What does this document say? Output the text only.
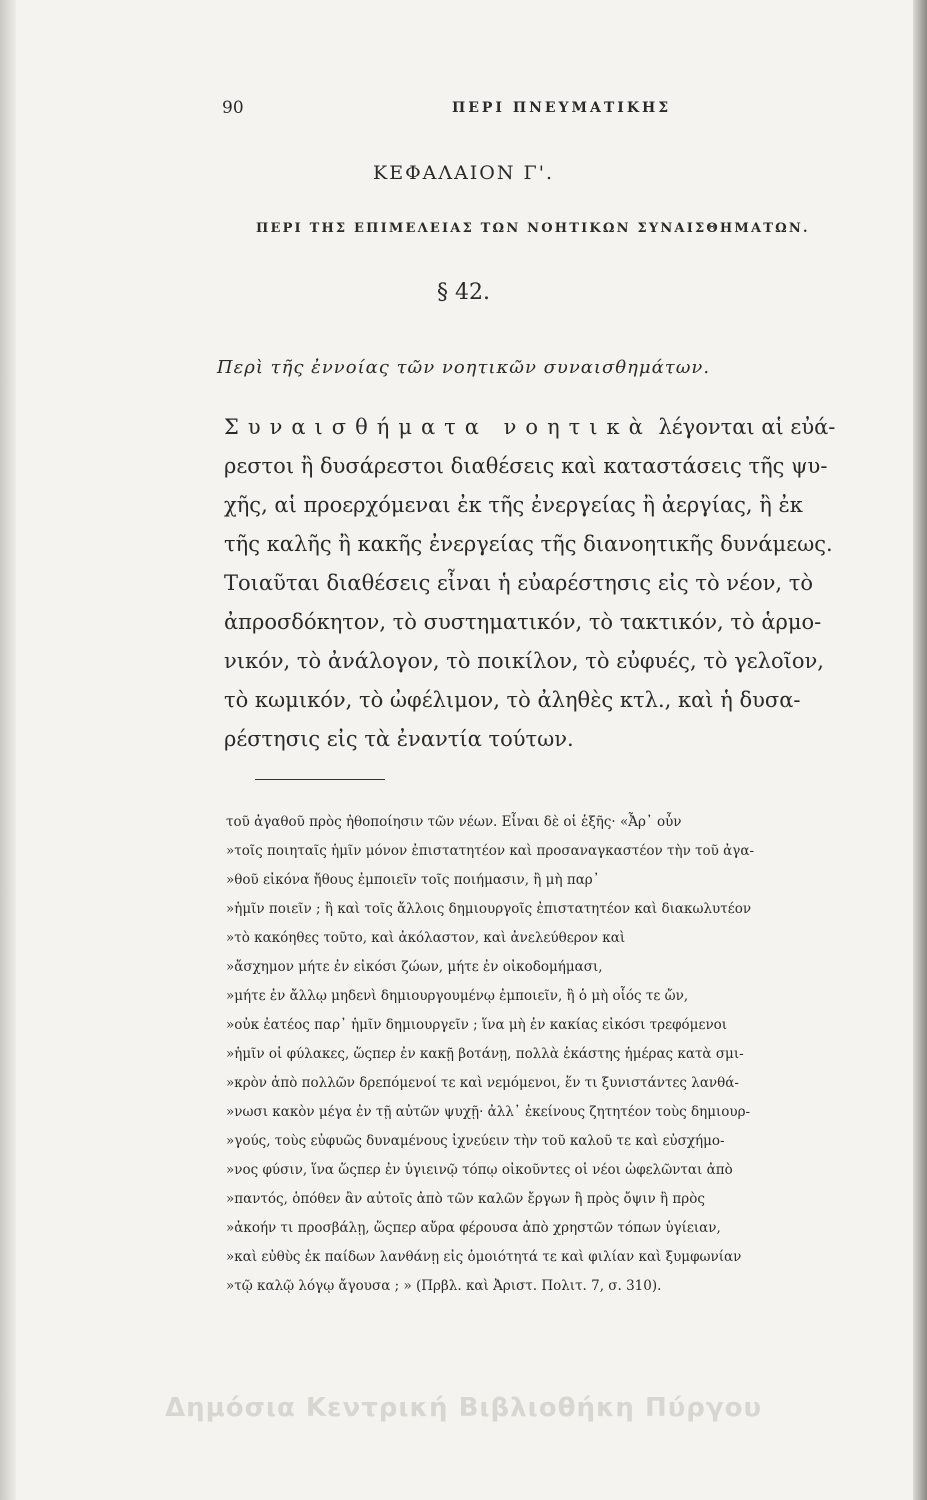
90	ΠΕΡΙ ΠΝΕΥΜΑΤΙΚΗΣ
ΚΕΦΑΛΑΙΟΝ Γ'.
ΠΕΡΙ ΤΗΣ ΕΠΙΜΕΛΕΙΑΣ ΤΩΝ ΝΟΗΤΙΚΩΝ ΣΥΝΑΙΣΘΗΜΑΤΩΝ.
§ 42.
Περὶ τῆς ἐννοίας τῶν νοητικῶν συναισθημάτων.
Συναισθήματα νοητικὰ λέγονται αἱ εὐά-
ρεστοι ἢ δυσάρεστοι διαθέσεις καὶ καταστάσεις τῆς ψυ-
χῆς, αἱ προερχόμεναι ἐκ τῆς ἐνεργείας ἢ ἀεργίας, ἢ ἐκ
τῆς καλῆς ἢ κακῆς ἐνεργείας τῆς διανοητικῆς δυνάμεως.
Τοιαῦται διαθέσεις εἶναι ἡ εὐαρέστησις εἰς τὸ νέον, τὸ
ἀπροσδόκητον, τὸ συστηματικόν, τὸ τακτικόν, τὸ ἁρμο-
νικόν, τὸ ἀνάλογον, τὸ ποικίλον, τὸ εὐφυές, τὸ γελοῖον,
τὸ κωμικόν, τὸ ὠφέλιμον, τὸ ἀληθὲς κτλ., καὶ ἡ δυσα-
ρέστησις εἰς τὰ ἐναντία τούτων.
τοῦ ἀγαθοῦ πρὸς ἠθοποίησιν τῶν νέων. Εἶναι δὲ οἱ ἑξῆς· «Ἆρ᾽ οὖν
»τοῖς ποιηταῖς ἡμῖν μόνον ἐπιστατητέον καὶ προσαναγκαστέον τὴν τοῦ ἀγα-
»θοῦ εἰκόνα ἤθους ἐμποιεῖν τοῖς ποιήμασιν, ἢ μὴ παρ᾽
»ἡμῖν ποιεῖν ; ἢ καὶ τοῖς ἄλλοις δημιουργοῖς ἐπιστατητέον καὶ διακωλυτέον
»τὸ κακόηθες τοῦτο, καὶ ἀκόλαστον, καὶ ἀνελεύθερον καὶ
»ἄσχημον μήτε ἐν εἰκόσι ζώων, μήτε ἐν οἰκοδομήμασι,
»μήτε ἐν ἄλλῳ μηδενὶ δημιουργουμένῳ ἐμποιεῖν, ἢ ὁ μὴ οἷός τε ὤν,
»οὐκ ἐατέος παρ᾽ ἡμῖν δημιουργεῖν ; ἵνα μὴ ἐν κακίας εἰκόσι τρεφόμενοι
»ἡμῖν οἱ φύλακες, ὥςπερ ἐν κακῇ βοτάνῃ, πολλὰ ἑκάστης ἡμέρας κατὰ σμι-
»κρὸν ἀπὸ πολλῶν δρεπόμενοί τε καὶ νεμόμενοι, ἕν τι ξυνιστάντες λανθά-
»νωσι κακὸν μέγα ἐν τῇ αὐτῶν ψυχῇ· ἀλλ᾽ ἐκείνους ζητητέον τοὺς δημιουρ-
»γούς, τοὺς εὐφυῶς δυναμένους ἰχνεύειν τὴν τοῦ καλοῦ τε καὶ εὐσχήμο-
»νος φύσιν, ἵνα ὥςπερ ἐν ὑγιεινῷ τόπῳ οἰκοῦντες οἱ νέοι ὠφελῶνται ἀπὸ
»παντός, ὁπόθεν ἂν αὐτοῖς ἀπὸ τῶν καλῶν ἔργων ἢ πρὸς ὄψιν ἢ πρὸς
»ἀκοήν τι προσβάλῃ, ὥςπερ αὔρα φέρουσα ἀπὸ χρηστῶν τόπων ὑγίειαν,
»καὶ εὐθὺς ἐκ παίδων λανθάνῃ εἰς ὁμοιότητά τε καὶ φιλίαν καὶ ξυμφωνίαν
»τῷ καλῷ λόγῳ ἄγουσα ; » (Πρβλ. καὶ Ἀριστ. Πολιτ. 7, σ. 310).
Δημόσια Κεντρική Βιβλιοθήκη Πύργου
